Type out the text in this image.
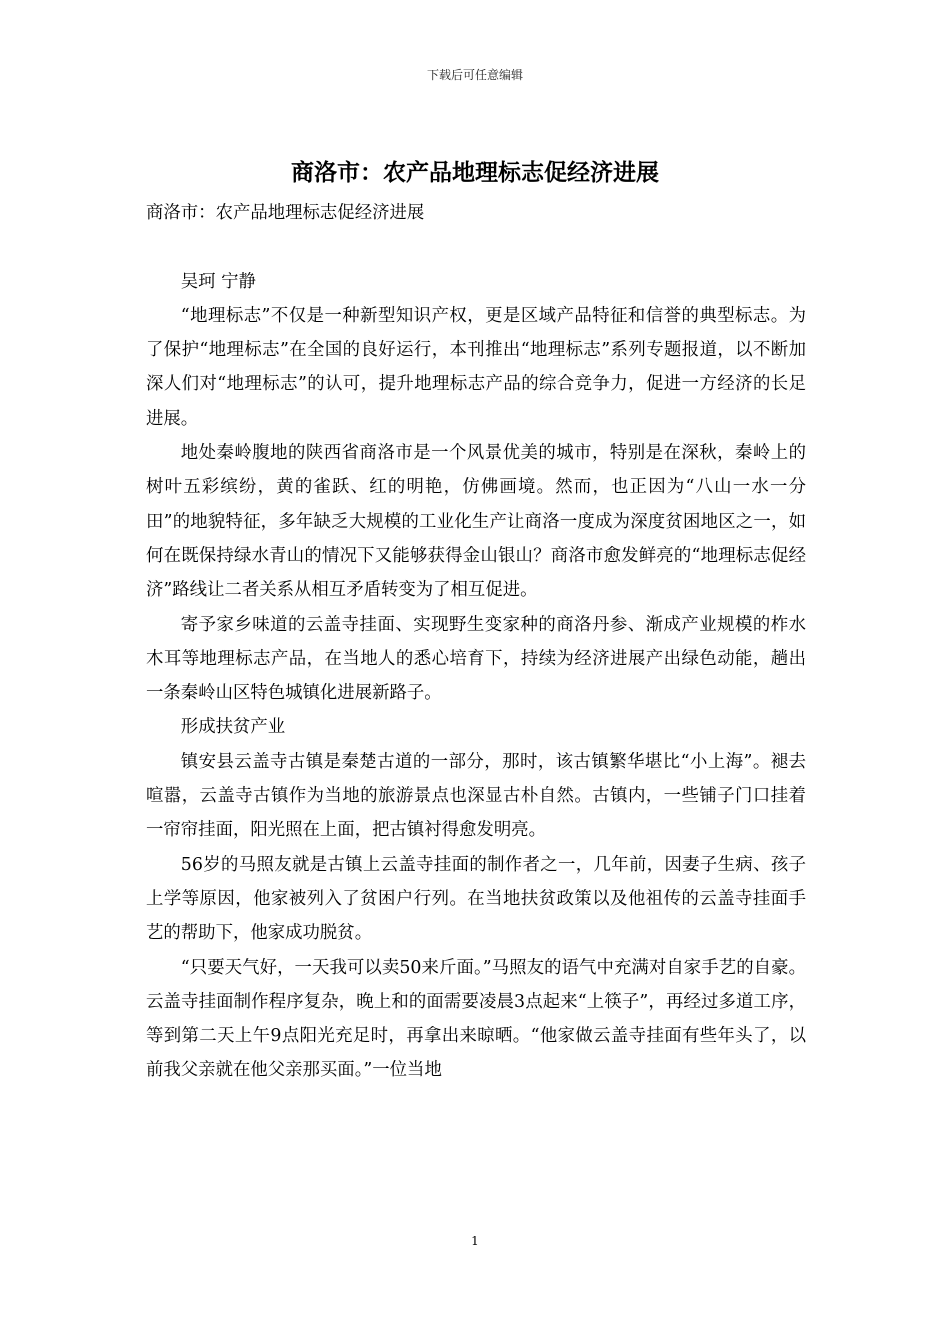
下载后可任意编辑
商洛市：农产品地理标志促经济进展

商洛市：农产品地理标志促经济进展

吴珂 宁静

“地理标志”不仅是一种新型知识产权，更是区域产品特征和信誉的典型标志。为了保护“地理标志”在全国的良好运行，本刊推出“地理标志”系列专题报道，以不断加深人们对“地理标志”的认可，提升地理标志产品的综合竞争力，促进一方经济的长足进展。

地处秦岭腹地的陕西省商洛市是一个风景优美的城市，特别是在深秋，秦岭上的树叶五彩缤纷，黄的雀跃、红的明艳，仿佛画境。然而，也正因为“八山一水一分田”的地貌特征，多年缺乏大规模的工业化生产让商洛一度成为深度贫困地区之一，如何在既保持绿水青山的情况下又能够获得金山银山？商洛市愈发鲜亮的“地理标志促经济”路线让二者关系从相互矛盾转变为了相互促进。

寄予家乡味道的云盖寺挂面、实现野生变家种的商洛丹参、渐成产业规模的柞水木耳等地理标志产品，在当地人的悉心培育下，持续为经济进展产出绿色动能，趟出一条秦岭山区特色城镇化进展新路子。

形成扶贫产业

镇安县云盖寺古镇是秦楚古道的一部分，那时，该古镇繁华堪比“小上海”。褪去喧嚣，云盖寺古镇作为当地的旅游景点也深显古朴自然。古镇内，一些铺子门口挂着一帘帘挂面，阳光照在上面，把古镇衬得愈发明亮。

56岁的马照友就是古镇上云盖寺挂面的制作者之一，几年前，因妻子生病、孩子上学等原因，他家被列入了贫困户行列。在当地扶贫政策以及他祖传的云盖寺挂面手艺的帮助下，他家成功脱贫。

“只要天气好，一天我可以卖50来斤面。”马照友的语气中充满对自家手艺的自豪。云盖寺挂面制作程序复杂，晚上和的面需要凌晨3点起来“上筷子”，再经过多道工序，等到第二天上午9点阳光充足时，再拿出来晾晒。“他家做云盖寺挂面有些年头了，以前我父亲就在他父亲那买面。”一位当地

1
